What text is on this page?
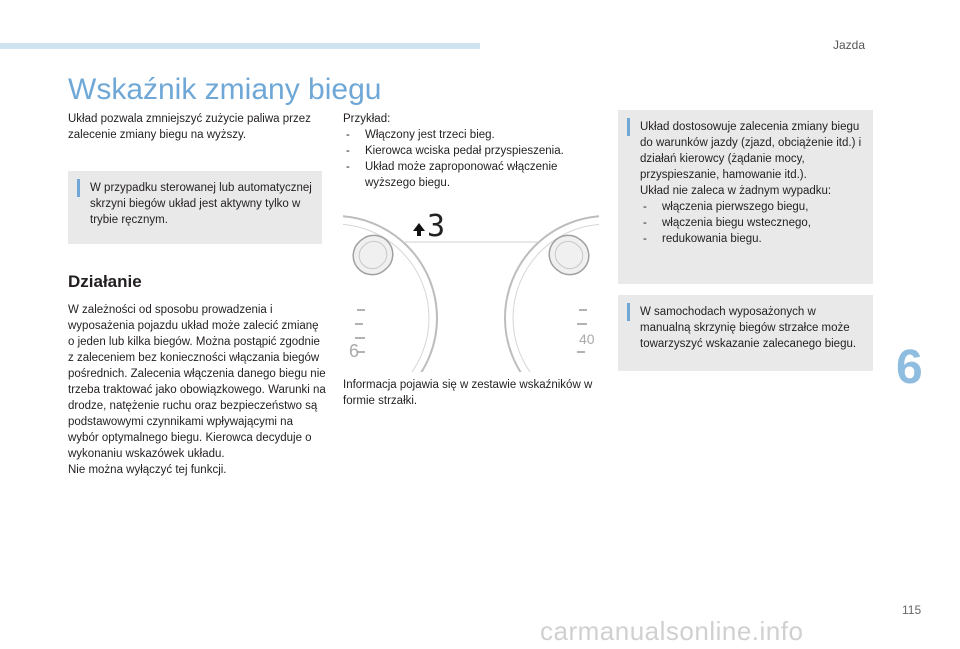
Jazda
6
115
carmanualsonline.info
Wskaźnik zmiany biegu

Układ pozwala zmniejszyć zużycie paliwa przez zalecenie zmiany biegu na wyższy.

W przypadku sterowanej lub automatycznej skrzyni biegów układ jest aktywny tylko w trybie ręcznym.
Działanie

W zależności od sposobu prowadzenia i wyposażenia pojazdu układ może zalecić zmianę o jeden lub kilka biegów. Można postąpić zgodnie z zaleceniem bez konieczności włączania biegów pośrednich. Zalecenia włączenia danego biegu nie trzeba traktować jako obowiązkowego. Warunki na drodze, natężenie ruchu oraz bezpieczeństwo są podstawowymi czynnikami wpływającymi na wybór optymalnego biegu. Kierowca decyduje o wykonaniu wskazówek układu.

Nie można wyłączyć tej funkcji.

Przykład:

- Włączony jest trzeci bieg.
- Kierowca wciska pedał przyspieszenia.
- Układ może zaproponować włączenie wyższego biegu.
3
6
40

Informacja pojawia się w zestawie wskaźników w formie strzałki.

Układ dostosowuje zalecenia zmiany biegu do warunków jazdy (zjazd, obciążenie itd.) i działań kierowcy (żądanie mocy, przyspieszanie, hamowanie itd.).
Układ nie zaleca w żadnym wypadku:
- włączenia pierwszego biegu,
- włączenia biegu wstecznego,
- redukowania biegu.
W samochodach wyposażonych w manualną skrzynię biegów strzałce może towarzyszyć wskazanie zalecanego biegu.
